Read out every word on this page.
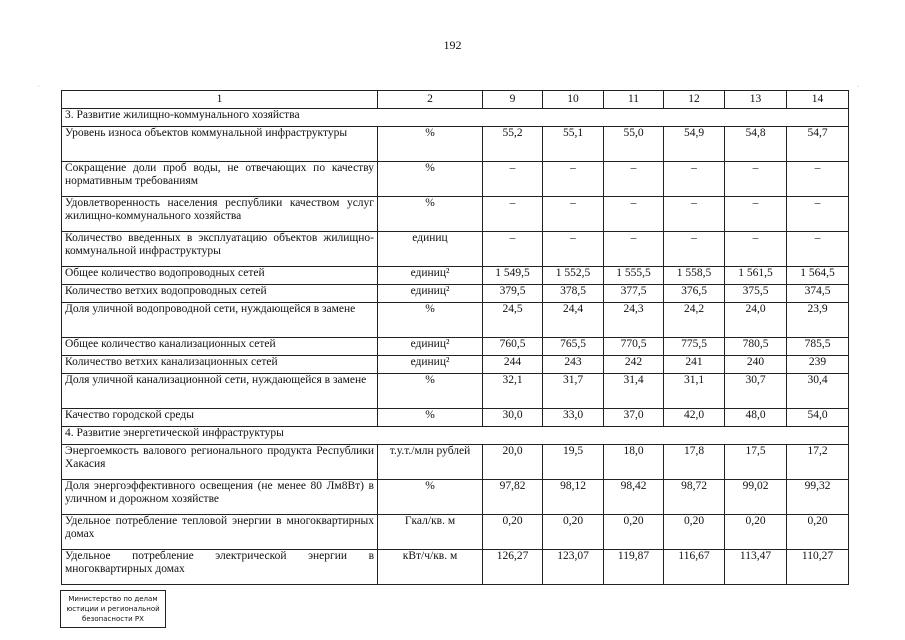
192
1	2	9	10	11	12	13	14
3. Развитие жилищно-коммунального хозяйства							
Уровень износа объектов коммунальной инфраструктуры	%	55,2	55,1	55,0	54,9	54,8	54,7
Сокращение доли проб воды, не отвечающих по качеству нормативным требованиям	%	–	–	–	–	–	–
Удовлетворенность населения республики качеством услуг жилищно-коммунального хозяйства	%	–	–	–	–	–	–
Количество введенных в эксплуатацию объектов жилищно-коммунальной инфраструктуры	единиц	–	–	–	–	–	–
Общее количество водопроводных сетей	единиц²	1 549,5	1 552,5	1 555,5	1 558,5	1 561,5	1 564,5
Количество ветхих водопроводных сетей	единиц²	379,5	378,5	377,5	376,5	375,5	374,5
Доля уличной водопроводной сети, нуждающейся в замене	%	24,5	24,4	24,3	24,2	24,0	23,9
Общее количество канализационных сетей	единиц²	760,5	765,5	770,5	775,5	780,5	785,5
Количество ветхих канализационных сетей	единиц²	244	243	242	241	240	239
Доля уличной канализационной сети, нуждающейся в замене	%	32,1	31,7	31,4	31,1	30,7	30,4
Качество городской среды	%	30,0	33,0	37,0	42,0	48,0	54,0
4. Развитие энергетической инфраструктуры							
Энергоемкость валового регионального продукта Республики Хакасия	т.у.т./млн рублей	20,0	19,5	18,0	17,8	17,5	17,2
Доля энергоэффективного освещения (не менее 80 Лм8Вт) в уличном и дорожном хозяйстве	%	97,82	98,12	98,42	98,72	99,02	99,32
Удельное потребление тепловой энергии в многоквартирных домах	Гкал/кв. м	0,20	0,20	0,20	0,20	0,20	0,20
Удельное потребление электрической энергии в многоквартирных домах	кВт/ч/кв. м	126,27	123,07	119,87	116,67	113,47	110,27
Министерство по делам
юстиции и региональной
безопасности РХ
·	·
